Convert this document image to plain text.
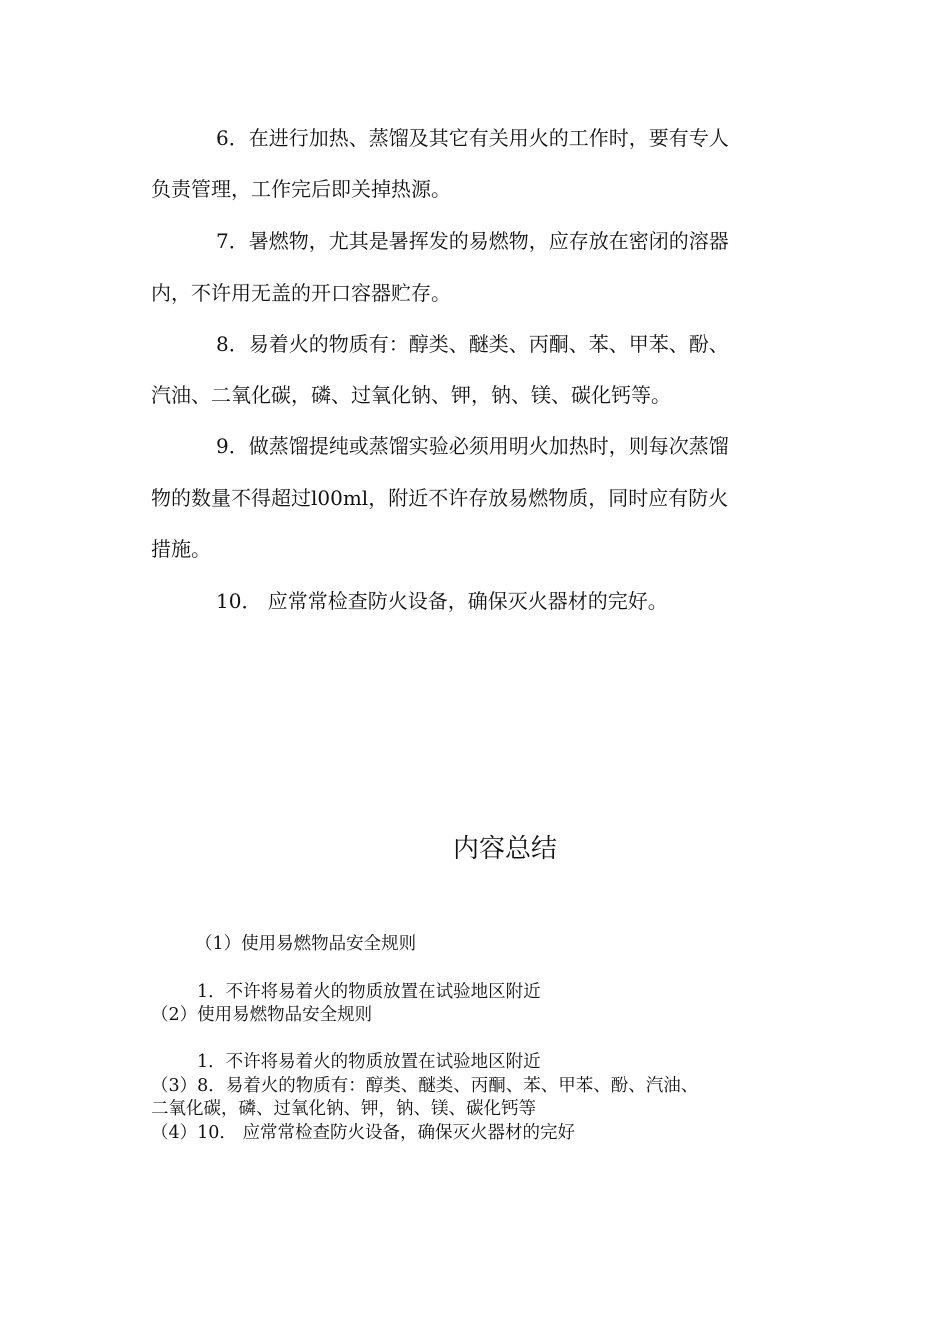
6．在进行加热、蒸馏及其它有关用火的工作时，要有专人
负责管理，工作完后即关掉热源。
7．暑燃物，尤其是暑挥发的易燃物，应存放在密闭的溶器
内，不许用无盖的开口容器贮存。
8．易着火的物质有：醇类、醚类、丙酮、苯、甲苯、酚、
汽油、二氧化碳，磷、过氧化钠、钾，钠、镁、碳化钙等。
9．做蒸馏提纯或蒸馏实验必须用明火加热时，则每次蒸馏
物的数量不得超过l00ml，附近不许存放易燃物质，同时应有防火
措施。
10． 应常常检查防火设备，确保灭火器材的完好。
内容总结
（1）使用易燃物品安全规则
1．不许将易着火的物质放置在试验地区附近
（2）使用易燃物品安全规则
1．不许将易着火的物质放置在试验地区附近
（3）8．易着火的物质有：醇类、醚类、丙酮、苯、甲苯、酚、汽油、
二氧化碳，磷、过氧化钠、钾，钠、镁、碳化钙等
（4）10． 应常常检查防火设备，确保灭火器材的完好
